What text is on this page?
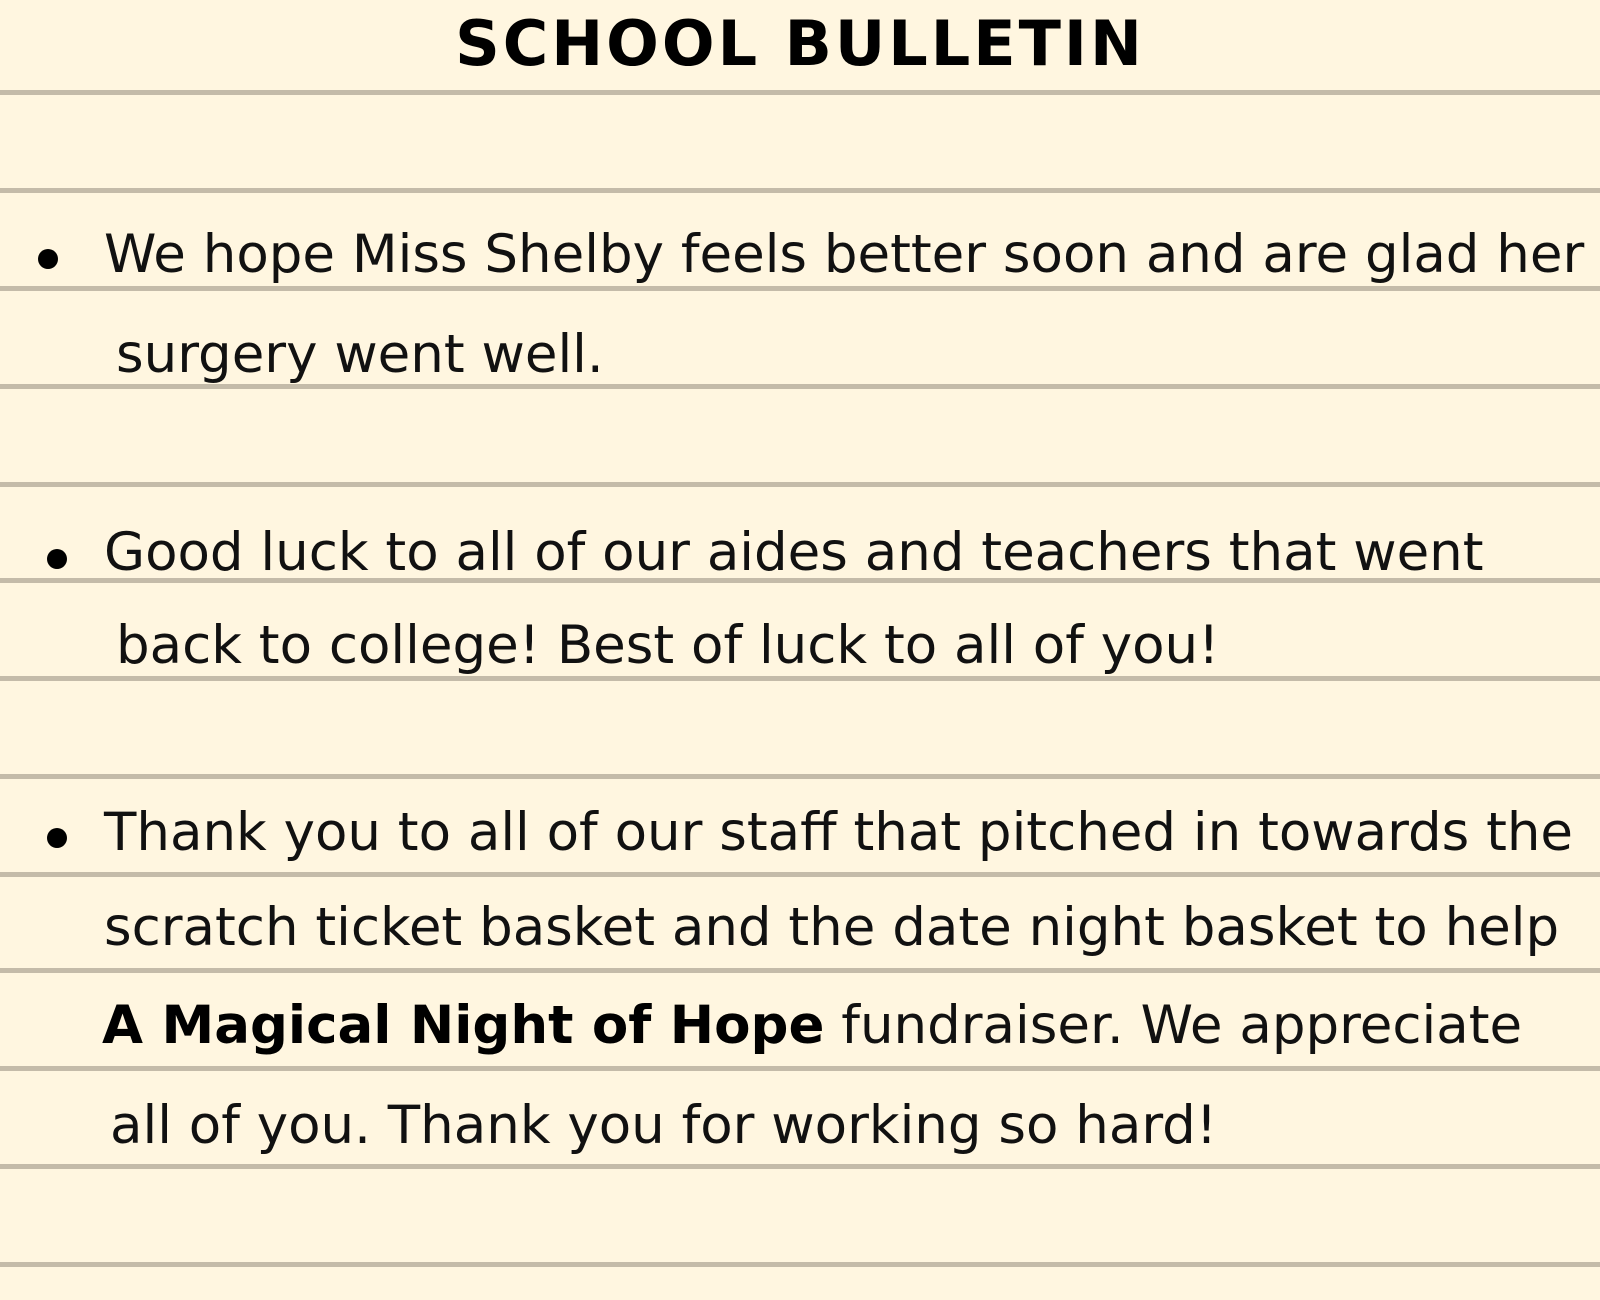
SCHOOL BULLETIN
We hope Miss Shelby feels better soon and are glad her
surgery went well.
Good luck to all of our aides and teachers that went
back to college! Best of luck to all of you!
Thank you to all of our staff that pitched in towards the
scratch ticket basket and the date night basket to help
A Magical Night of Hope fundraiser. We appreciate
all of you. Thank you for working so hard!
